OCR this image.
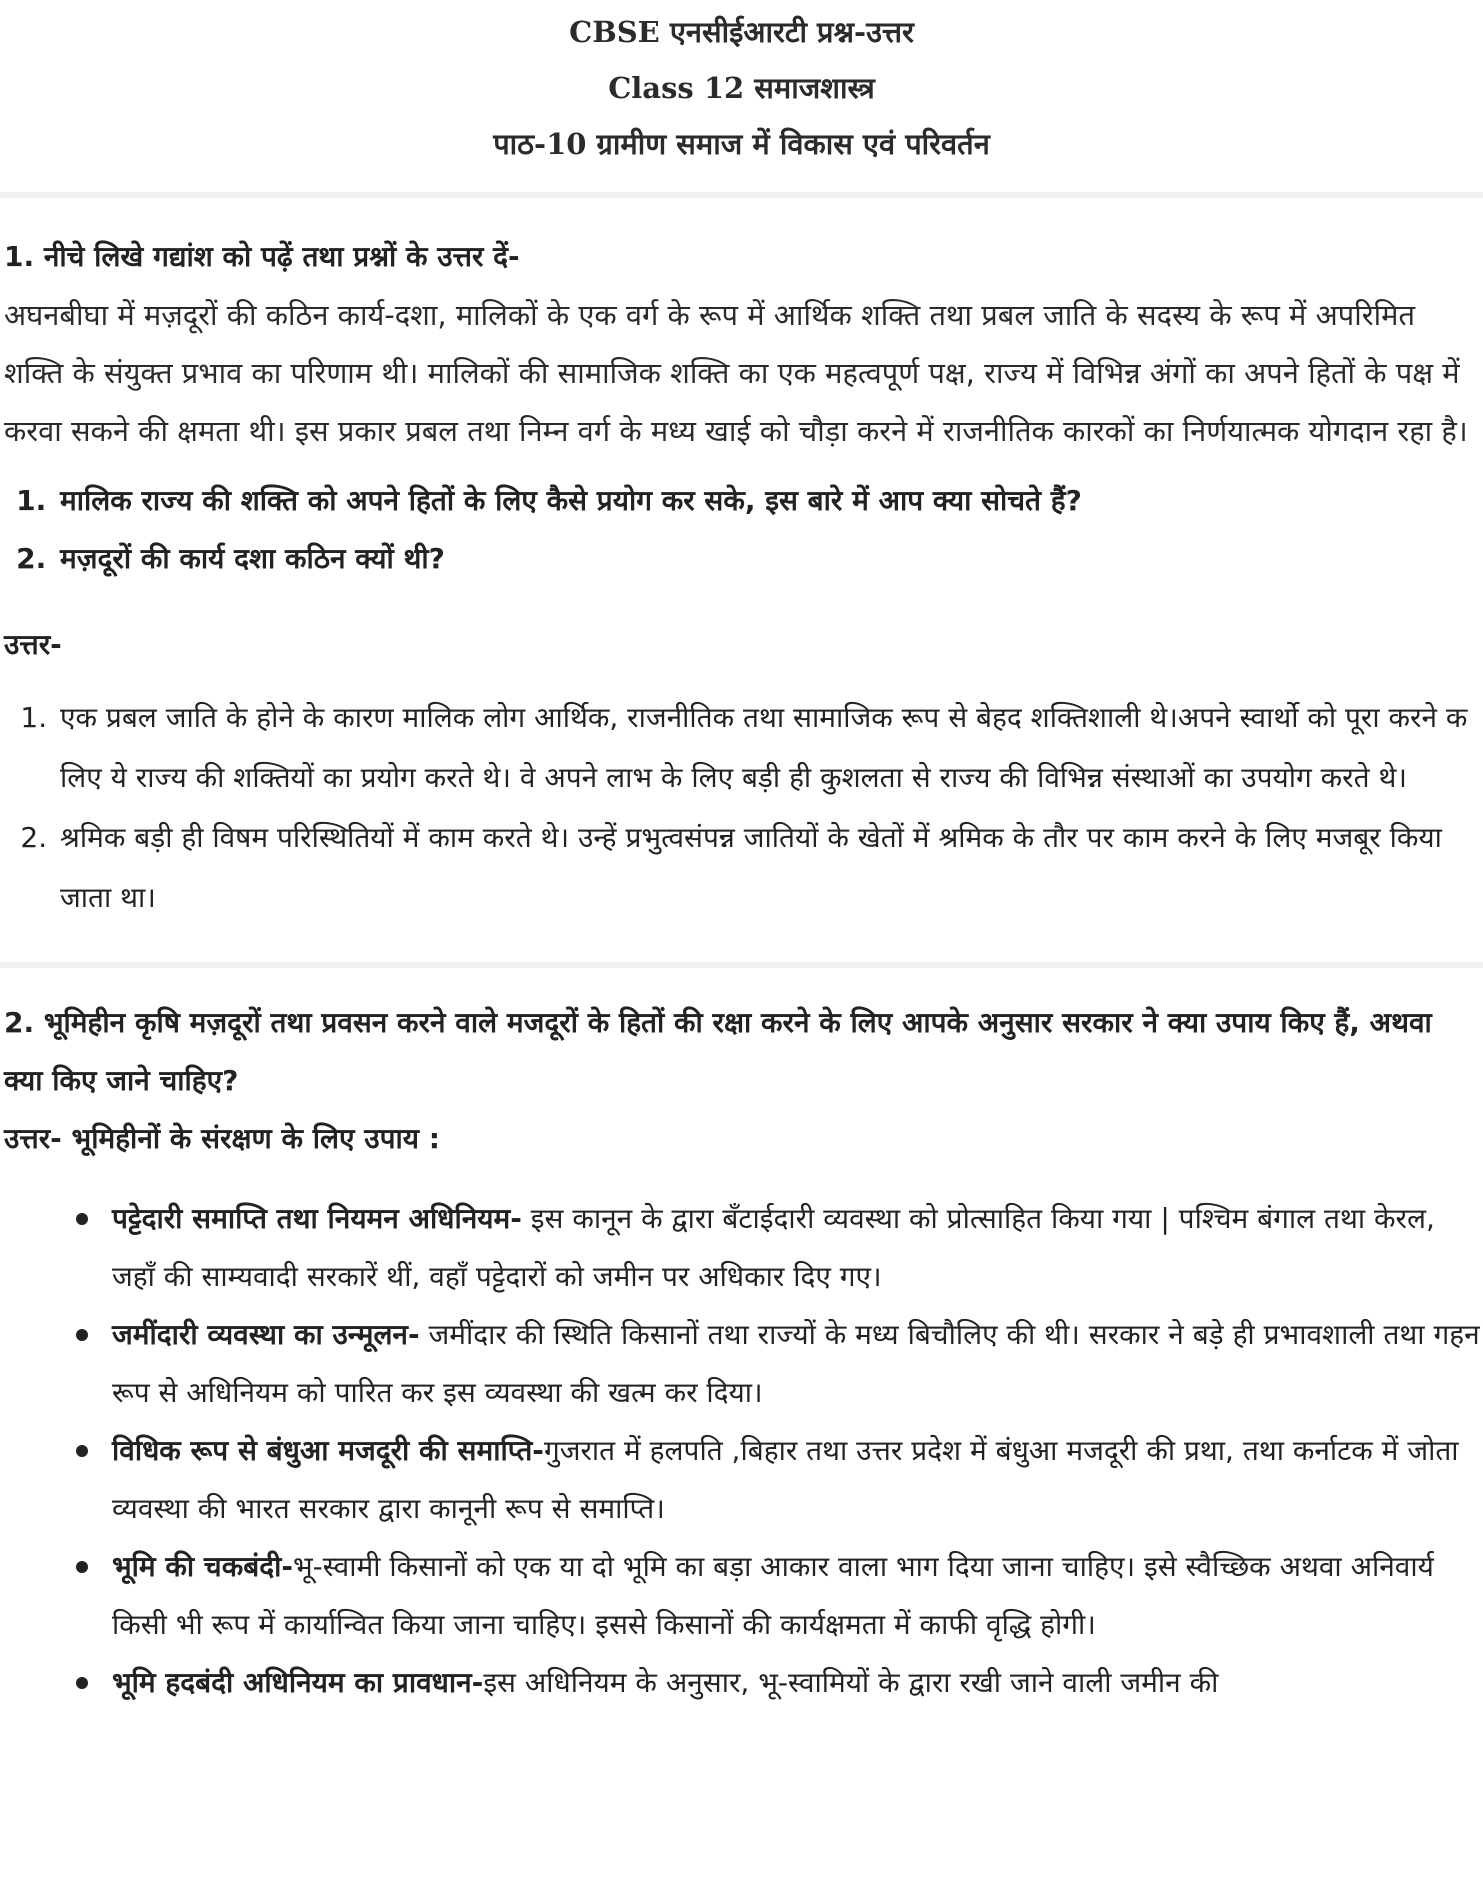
CBSE एनसीईआरटी प्रश्न-उत्तर
Class 12 समाजशास्त्र
पाठ-10 ग्रामीण समाज में विकास एवं परिवर्तन
1. नीचे लिखे गद्यांश को पढ़ें तथा प्रश्नों के उत्तर दें-
अघनबीघा में मज़दूरों की कठिन कार्य-दशा, मालिकों के एक वर्ग के रूप में आर्थिक शक्ति तथा प्रबल जाति के सदस्य के रूप में अपरिमित शक्ति के संयुक्त प्रभाव का परिणाम थी। मालिकों की सामाजिक शक्ति का एक महत्वपूर्ण पक्ष, राज्य में विभिन्न अंगों का अपने हितों के पक्ष में करवा सकने की क्षमता थी। इस प्रकार प्रबल तथा निम्न वर्ग के मध्य खाई को चौड़ा करने में राजनीतिक कारकों का निर्णयात्मक योगदान रहा है।
1. मालिक राज्य की शक्ति को अपने हितों के लिए कैसे प्रयोग कर सके, इस बारे में आप क्या सोचते हैं?
2. मज़दूरों की कार्य दशा कठिन क्यों थी?
उत्तर-
1. एक प्रबल जाति के होने के कारण मालिक लोग आर्थिक, राजनीतिक तथा सामाजिक रूप से बेहद शक्तिशाली थे।अपने स्वार्थो को पूरा करने क लिए ये राज्य की शक्तियों का प्रयोग करते थे। वे अपने लाभ के लिए बड़ी ही कुशलता से राज्य की विभिन्न संस्थाओं का उपयोग करते थे।
2. श्रमिक बड़ी ही विषम परिस्थितियों में काम करते थे। उन्हें प्रभुत्वसंपन्न जातियों के खेतों में श्रमिक के तौर पर काम करने के लिए मजबूर किया जाता था।
2. भूमिहीन कृषि मज़दूरों तथा प्रवसन करने वाले मजदूरों के हितों की रक्षा करने के लिए आपके अनुसार सरकार ने क्या उपाय किए हैं, अथवा क्या किए जाने चाहिए?
उत्तर- भूमिहीनों के संरक्षण के लिए उपाय :
पट्टेदारी समाप्ति तथा नियमन अधिनियम- इस कानून के द्वारा बँटाईदारी व्यवस्था को प्रोत्साहित किया गया | पश्चिम बंगाल तथा केरल, जहाँ की साम्यवादी सरकारें थीं, वहाँ पट्टेदारों को जमीन पर अधिकार दिए गए।
जमींदारी व्यवस्था का उन्मूलन- जमींदार की स्थिति किसानों तथा राज्यों के मध्य बिचौलिए की थी। सरकार ने बड़े ही प्रभावशाली तथा गहन रूप से अधिनियम को पारित कर इस व्यवस्था की खत्म कर दिया।
विधिक रूप से बंधुआ मजदूरी की समाप्ति-गुजरात में हलपति ,बिहार तथा उत्तर प्रदेश में बंधुआ मजदूरी की प्रथा, तथा कर्नाटक में जोता व्यवस्था की भारत सरकार द्वारा कानूनी रूप से समाप्ति।
भूमि की चकबंदी-भू-स्वामी किसानों को एक या दो भूमि का बड़ा आकार वाला भाग दिया जाना चाहिए। इसे स्वैच्छिक अथवा अनिवार्य किसी भी रूप में कार्यान्वित किया जाना चाहिए। इससे किसानों की कार्यक्षमता में काफी वृद्धि होगी।
भूमि हदबंदी अधिनियम का प्रावधान-इस अधिनियम के अनुसार, भू-स्वामियों के द्वारा रखी जाने वाली जमीन की
